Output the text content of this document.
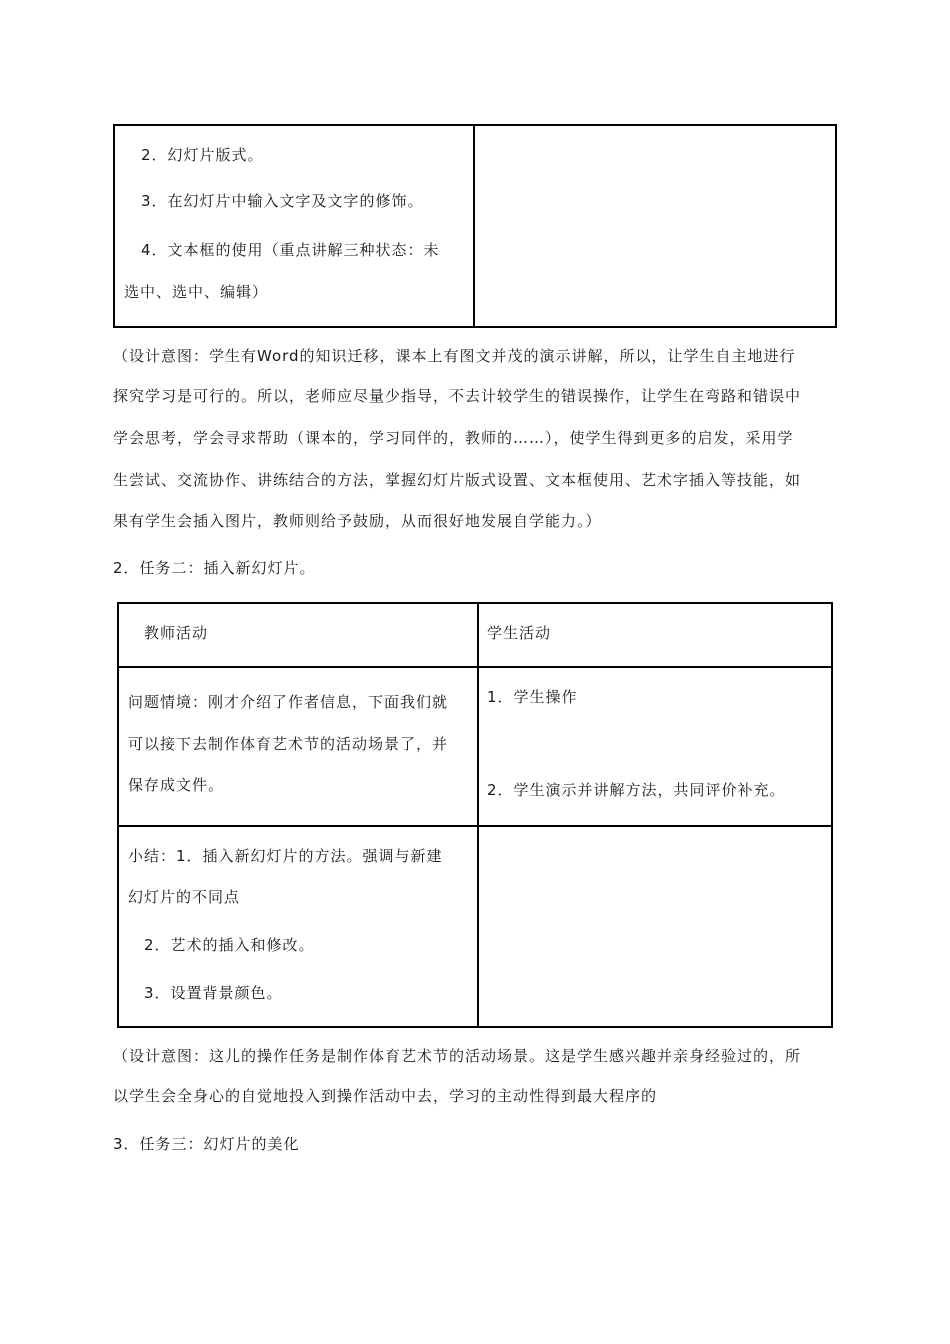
2．幻灯片版式。
3．在幻灯片中输入文字及文字的修饰。
4．文本框的使用（重点讲解三种状态：未
选中、选中、编辑）
（设计意图：学生有Word的知识迁移，课本上有图文并茂的演示讲解，所以，让学生自主地进行
探究学习是可行的。所以，老师应尽量少指导，不去计较学生的错误操作，让学生在弯路和错误中
学会思考，学会寻求帮助（课本的，学习同伴的，教师的……），使学生得到更多的启发，采用学
生尝试、交流协作、讲练结合的方法，掌握幻灯片版式设置、文本框使用、艺术字插入等技能，如
果有学生会插入图片，教师则给予鼓励，从而很好地发展自学能力。）
2．任务二：插入新幻灯片。
教师活动	学生活动
问题情境：刚才介绍了作者信息，下面我们就
可以接下去制作体育艺术节的活动场景了，并
保存成文件。
1．学生操作
2．学生演示并讲解方法，共同评价补充。
小结：1．插入新幻灯片的方法。强调与新建
幻灯片的不同点
2．艺术的插入和修改。
3．设置背景颜色。
（设计意图：这儿的操作任务是制作体育艺术节的活动场景。这是学生感兴趣并亲身经验过的，所
以学生会全身心的自觉地投入到操作活动中去，学习的主动性得到最大程序的
3．任务三：幻灯片的美化
